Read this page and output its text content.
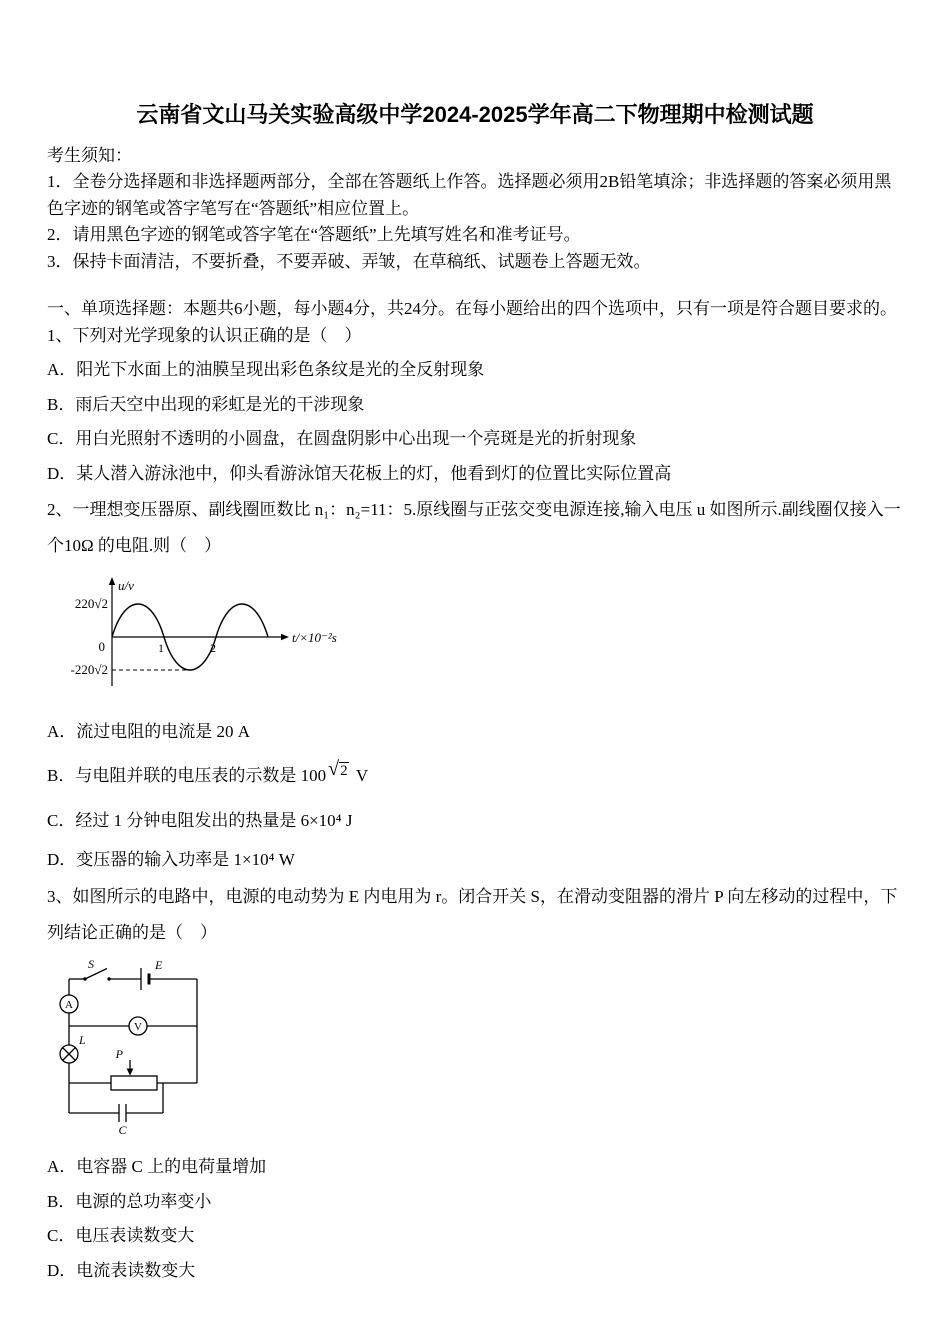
云南省文山马关实验高级中学2024-2025学年高二下物理期中检测试题

考生须知：

1．全卷分选择题和非选择题两部分，全部在答题纸上作答。选择题必须用2B铅笔填涂；非选择题的答案必须用黑色字迹的钢笔或答字笔写在“答题纸”相应位置上。

2．请用黑色字迹的钢笔或答字笔在“答题纸”上先填写姓名和准考证号。

3．保持卡面清洁，不要折叠，不要弄破、弄皱，在草稿纸、试题卷上答题无效。

一、单项选择题：本题共6小题，每小题4分，共24分。在每小题给出的四个选项中，只有一项是符合题目要求的。

1、下列对光学现象的认识正确的是（　）

A．阳光下水面上的油膜呈现出彩色条纹是光的全反射现象

B．雨后天空中出现的彩虹是光的干涉现象

C．用白光照射不透明的小圆盘，在圆盘阴影中心出现一个亮斑是光的折射现象

D．某人潜入游泳池中，仰头看游泳馆天花板上的灯，他看到灯的位置比实际位置高

2、一理想变压器原、副线圈匝数比 n₁：n₂=11：5.原线圈与正弦交变电源连接,输入电压 u 如图所示.副线圈仅接入一个10Ω 的电阻.则（　）

u/v
220√2
0
-220√2
1	2
t/×10⁻²s

A．流过电阻的电流是 20 A

B．与电阻并联的电压表的示数是 100 √2 V

C．经过 1 分钟电阻发出的热量是 6×10⁴ J

D．变压器的输入功率是 1×10⁴ W

3、如图所示的电路中，电源的电动势为 E 内电用为 r。闭合开关 S，在滑动变阻器的滑片 P 向左移动的过程中，下列结论正确的是（　）

S	E
A
V
L
P
C

A．电容器 C 上的电荷量增加

B．电源的总功率变小

C．电压表读数变大

D．电流表读数变大
